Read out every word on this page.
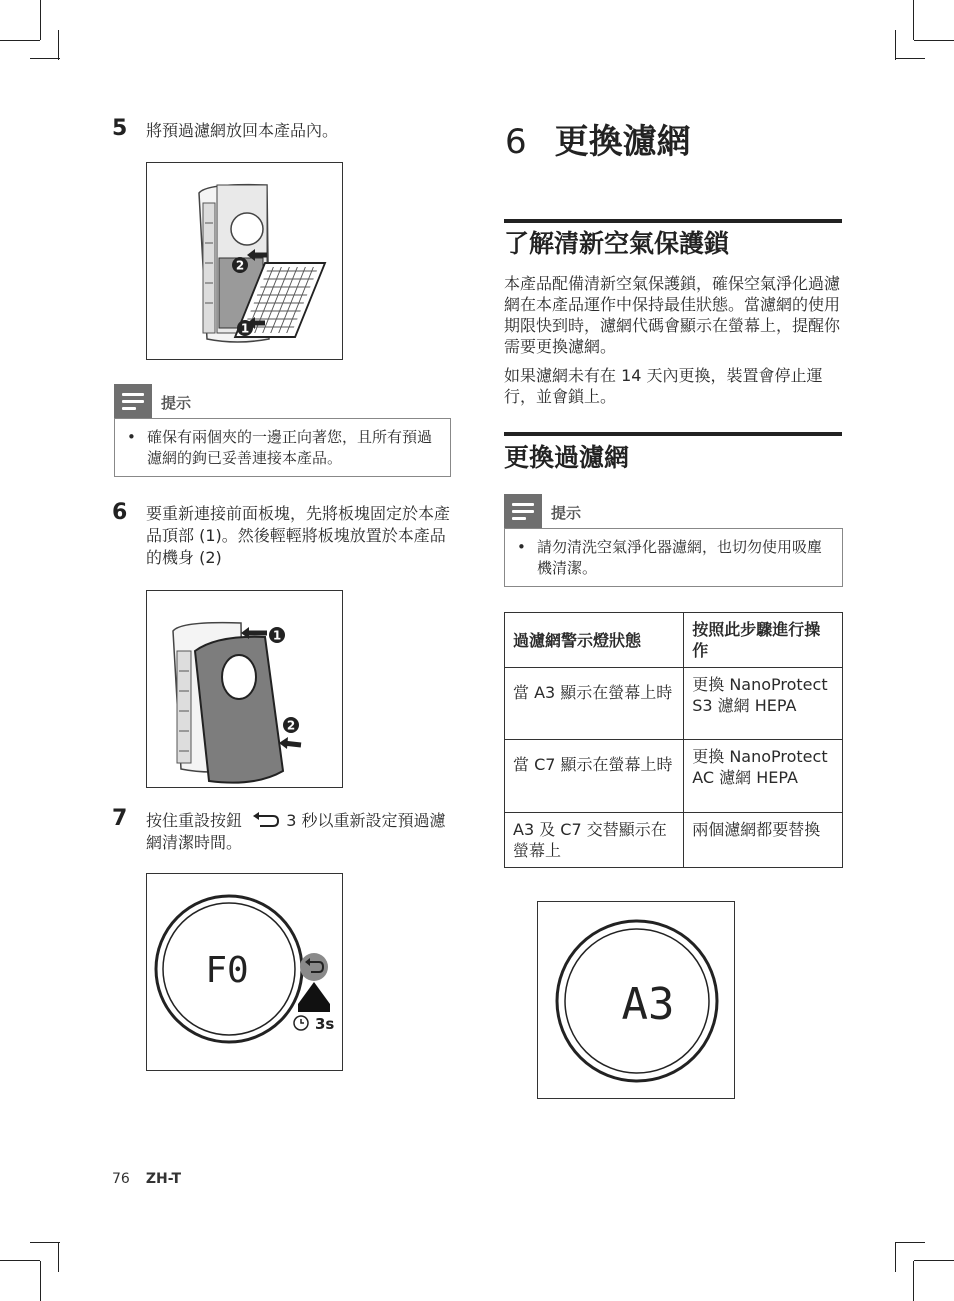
5 將預過濾網放回本產品內。
2
1
提示
• 確保有兩個夾的一邊正向著您，且所有預過濾網的鉤已妥善連接本產品。
6 要重新連接前面板塊，先將板塊固定於本產品頂部 (1)。然後輕輕將板塊放置於本產品的機身 (2)
1
2
7 按住重設按鈕  3 秒以重新設定預過濾網清潔時間。
F0
3s
6 更換濾網
了解清新空氣保護鎖
本產品配備清新空氣保護鎖，確保空氣淨化過濾網在本產品運作中保持最佳狀態。當濾網的使用期限快到時，濾網代碼會顯示在螢幕上，提醒你需要更換濾網。
如果濾網未有在 14 天內更換，裝置會停止運行，並會鎖上。
更換過濾網
提示
• 請勿清洗空氣淨化器濾網，也切勿使用吸塵機清潔。
過濾網警示燈狀態	按照此步驟進行操作
當 A3 顯示在螢幕上時	更換 NanoProtect S3 濾網 HEPA
當 C7 顯示在螢幕上時	更換 NanoProtect AC 濾網 HEPA
A3 及 C7 交替顯示在螢幕上	兩個濾網都要替換
A3
76 ZH-T
